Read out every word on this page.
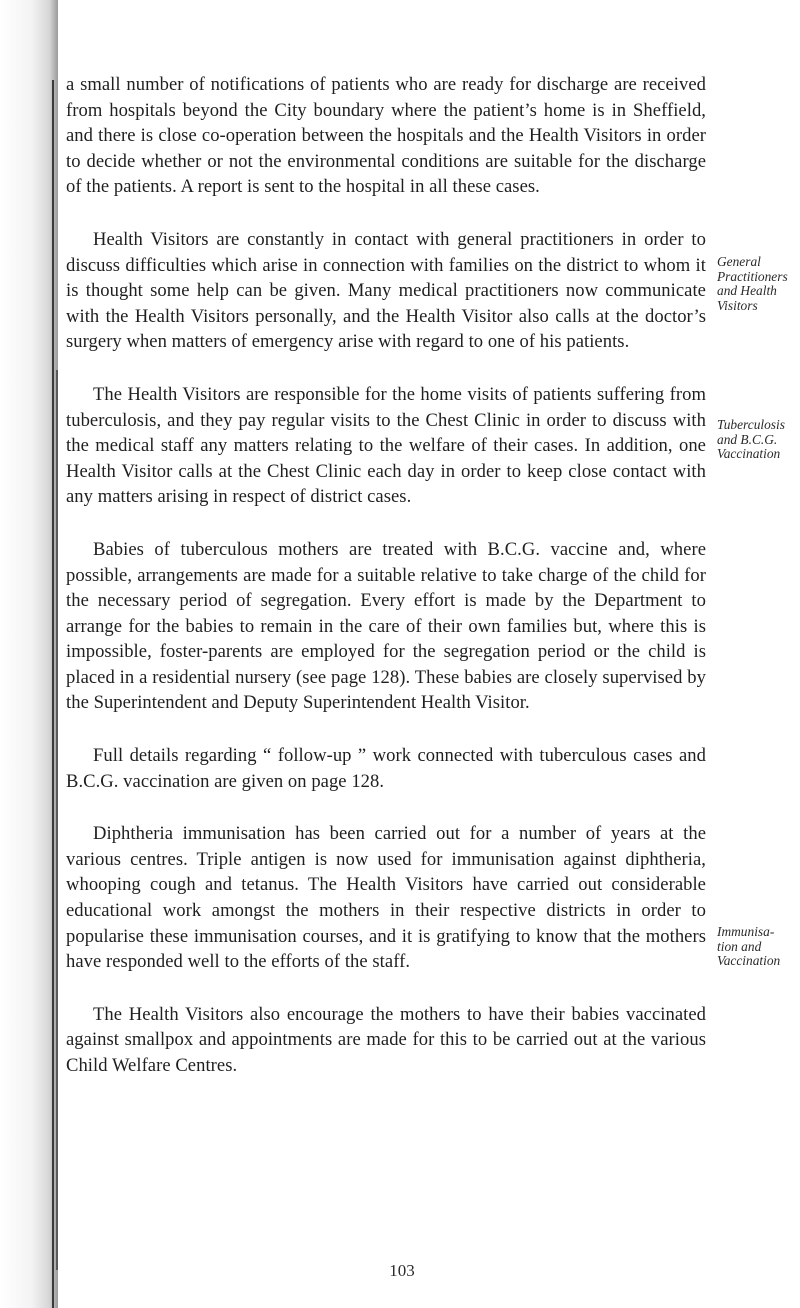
a small number of notifications of patients who are ready for discharge are received from hospitals beyond the City boundary where the patient’s home is in Sheffield, and there is close co-operation between the hospitals and the Health Visitors in order to decide whether or not the environmental conditions are suitable for the discharge of the patients. A report is sent to the hospital in all these cases.

Health Visitors are constantly in contact with general practitioners in order to discuss difficulties which arise in connection with families on the district to whom it is thought some help can be given. Many medical practitioners now communicate with the Health Visitors personally, and the Health Visitor also calls at the doctor’s surgery when matters of emergency arise with regard to one of his patients.

The Health Visitors are responsible for the home visits of patients suffering from tuberculosis, and they pay regular visits to the Chest Clinic in order to discuss with the medical staff any matters relating to the welfare of their cases. In addition, one Health Visitor calls at the Chest Clinic each day in order to keep close contact with any matters arising in respect of district cases.

Babies of tuberculous mothers are treated with B.C.G. vaccine and, where possible, arrangements are made for a suitable relative to take charge of the child for the necessary period of segregation. Every effort is made by the Department to arrange for the babies to remain in the care of their own families but, where this is impossible, foster-parents are employed for the segregation period or the child is placed in a residential nursery (see page 128). These babies are closely supervised by the Superintendent and Deputy Superintendent Health Visitor.

Full details regarding “ follow-up ” work connected with tuberculous cases and B.C.G. vaccination are given on page 128.

Diphtheria immunisation has been carried out for a number of years at the various centres. Triple antigen is now used for immunisation against diphtheria, whooping cough and tetanus. The Health Visitors have carried out considerable educational work amongst the mothers in their respective districts in order to popularise these immunisation courses, and it is gratifying to know that the mothers have responded well to the efforts of the staff.

The Health Visitors also encourage the mothers to have their babies vaccinated against smallpox and appointments are made for this to be carried out at the various Child Welfare Centres.

General
Practitioners
and Health
Visitors
Tuberculosis
and B.C.G.
Vaccination
Immunisa-
tion and
Vaccination
103
